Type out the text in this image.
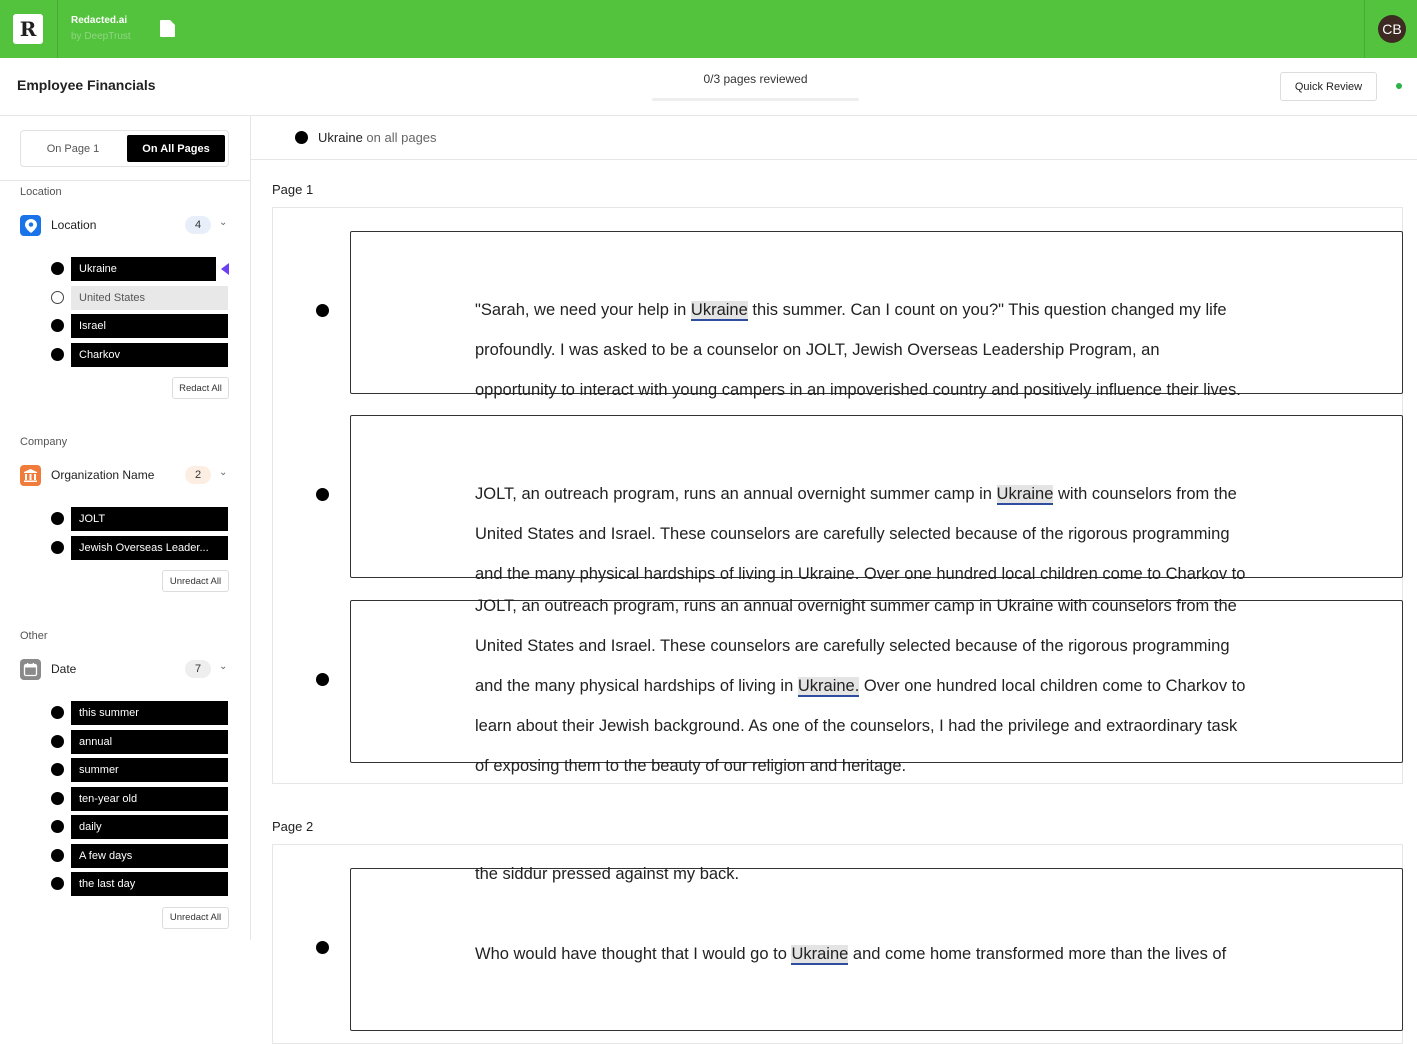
R	Redacted.ai
by DeepTrust	CB
Employee Financials	0/3 pages reviewed
Quick Review
On Page 1	On All Pages
Location
Location	4	⌄
Ukraine
United States
Israel
Charkov
Redact All
Company
Organization Name	2	⌄
JOLT
Jewish Overseas Leader...
Unredact All
Other
Date	7	⌄
this summer
annual
summer
ten-year old
daily
A few days
the last day
Unredact All
Ukraine on all pages
Page 1
"Sarah, we need your help in Ukraine this summer. Can I count on you?" This question changed my life
profoundly. I was asked to be a counselor on JOLT, Jewish Overseas Leadership Program, an
opportunity to interact with young campers in an impoverished country and positively influence their lives.
JOLT, an outreach program, runs an annual overnight summer camp in Ukraine with counselors from the
United States and Israel. These counselors are carefully selected because of the rigorous programming
and the many physical hardships of living in Ukraine. Over one hundred local children come to Charkov to
JOLT, an outreach program, runs an annual overnight summer camp in Ukraine with counselors from the
United States and Israel. These counselors are carefully selected because of the rigorous programming
and the many physical hardships of living in Ukraine. Over one hundred local children come to Charkov to
learn about their Jewish background. As one of the counselors, I had the privilege and extraordinary task
of exposing them to the beauty of our religion and heritage.
Page 2
the siddur pressed against my back.

Who would have thought that I would go to Ukraine and come home transformed more than the lives of
